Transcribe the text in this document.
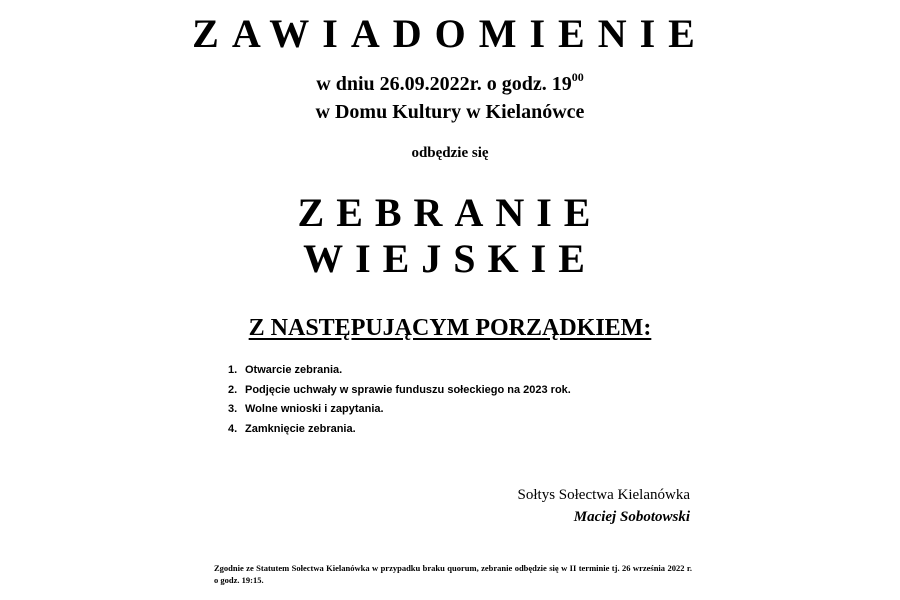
ZAWIADOMIENIE
w dniu 26.09.2022r. o godz. $19^{00}$
w Domu Kultury w Kielanówce
odbędzie się
ZEBRANIE
WIEJSKIE
Z NASTĘPUJĄCYM PORZĄDKIEM:
1. Otwarcie zebrania.
2. Podjęcie uchwały w sprawie funduszu sołeckiego na 2023 rok.
3. Wolne wnioski i zapytania.
4. Zamknięcie zebrania.
Sołtys Sołectwa Kielanówka
Maciej Sobotowski
Zgodnie ze Statutem Sołectwa Kielanówka w przypadku braku quorum, zebranie odbędzie się w II terminie tj. 26 września 2022 r. o godz. 19:15.
